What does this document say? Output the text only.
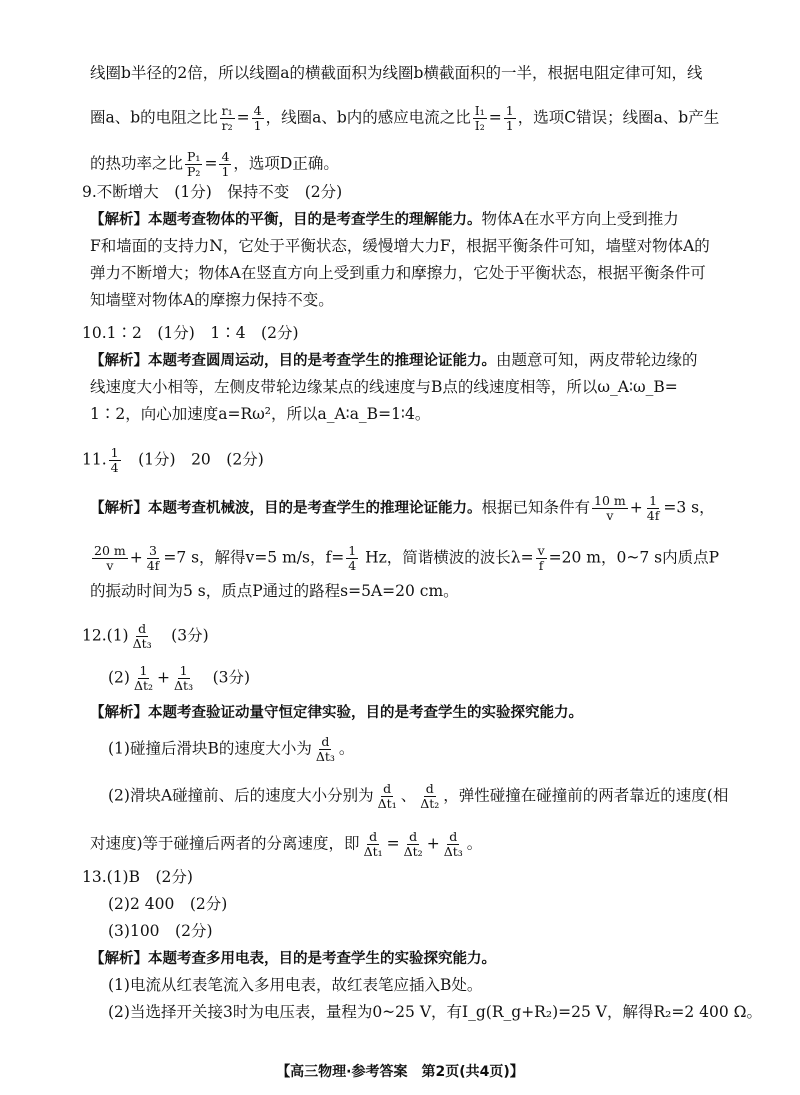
线圈b半径的2倍，所以线圈a的横截面积为线圈b横截面积的一半，根据电阻定律可知，线
圈a、b的电阻之比 $\frac{\text{r₁}}{\text{r₂}} = \frac{4}{1}$ ，线圈a、b内的感应电流之比 $\frac{\text{I₁}}{\text{I₂}} = \frac{1}{1}$ ，选项C错误；线圈a、b产生
的热功率之比 $\frac{\text{P₁}}{\text{P₂}} = \frac{4}{1}$ ，选项D正确。
9.不断增大　(1分)　保持不变　(2分)
【解析】本题考查物体的平衡，目的是考查学生的理解能力。物体A在水平方向上受到推力
F和墙面的支持力N，它处于平衡状态，缓慢增大力F，根据平衡条件可知，墙壁对物体A的
弹力不断增大；物体A在竖直方向上受到重力和摩擦力，它处于平衡状态，根据平衡条件可
知墙壁对物体A的摩擦力保持不变。
10.1∶2　(1分)　1∶4　(2分)
【解析】本题考查圆周运动，目的是考查学生的推理论证能力。由题意可知，两皮带轮边缘的
线速度大小相等，左侧皮带轮边缘某点的线速度与B点的线速度相等，所以ω_A∶ω_B=
1∶2，向心加速度a=Rω²，所以a_A∶a_B=1∶4。
11. $\frac{1}{4}$ 　(1分)　20　(2分)
【解析】本题考查机械波，目的是考查学生的推理论证能力。根据已知条件有 $\frac{10 m}{v} + \frac{1}{4f} =3$ s，
$\frac{20 m}{v} + \frac{3}{4f} =7$ s，解得v=5 m/s，$f= \frac{1}{4}$ Hz，简谐横波的波长$\lambda= \frac{v}{f} =20$ m，0~7 s内质点P
的振动时间为5 s，质点P通过的路程s=5A=20 cm。
$12.(1) \frac{d}{\text{Δt₃}}$ 　(3分)
$(2) \frac{1}{\text{Δt₂}} + \frac{1}{\text{Δt₃}}$ 　(3分)
【解析】本题考查验证动量守恒定律实验，目的是考查学生的实验探究能力。
(1)碰撞后滑块B的速度大小为 $\frac{d}{\text{Δt₃}}$ 。
(2)滑块A碰撞前、后的速度大小分别为 $\frac{d}{\text{Δt₁}}$ 、 $\frac{d}{\text{Δt₂}}$ ，弹性碰撞在碰撞前的两者靠近的速度(相
对速度)等于碰撞后两者的分离速度，即 $\frac{d}{\text{Δt₁}} = \frac{d}{\text{Δt₂}} + \frac{d}{\text{Δt₃}}$ 。
13.(1)B　(2分)
(2)2 400　(2分)
(3)100　(2分)
【解析】本题考查多用电表，目的是考查学生的实验探究能力。
(1)电流从红表笔流入多用电表，故红表笔应插入B处。
(2)当选择开关接3时为电压表，量程为0~25 V，有I_g(R_g+R₂)=25 V，解得R₂=2 400 Ω。
【高三物理·参考答案　第2页(共4页)】
